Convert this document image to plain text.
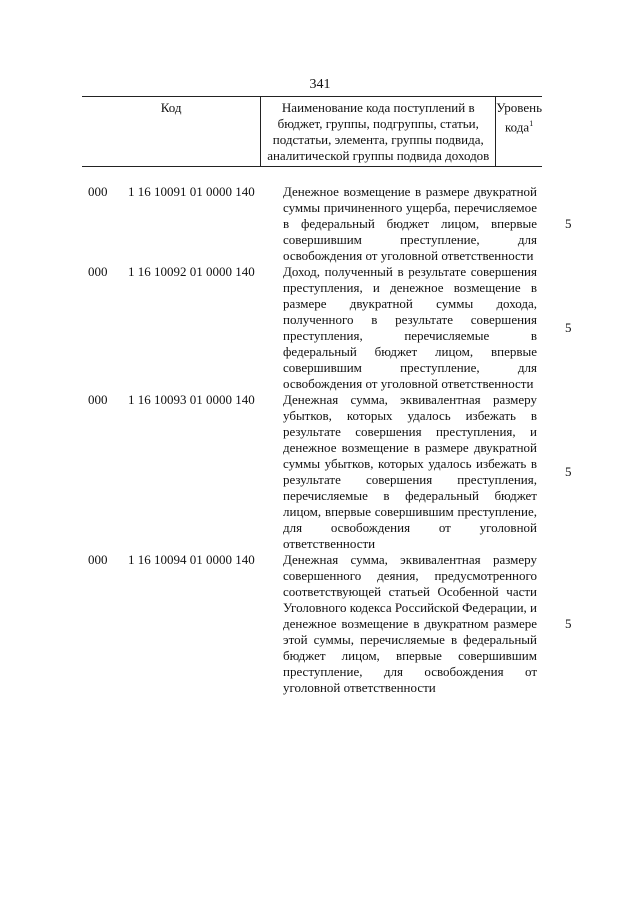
341
Код	Наименование кода поступлений в бюджет, группы, подгруппы, статьи, подстатьи, элемента, группы подвида, аналитической группы подвида доходов
Уровень кода$^1$
000 1 16 10091 01 0000 140 Денежное возмещение в размере двукратной суммы причиненного ущерба, перечисляемое в федеральный бюджет лицом, впервые совершившим преступление, для освобождения от уголовной ответственности
5
000 1 16 10092 01 0000 140 Доход, полученный в результате совершения преступления, и денежное возмещение в размере двукратной суммы дохода, полученного в результате совершения преступления, перечисляемые в федеральный бюджет лицом, впервые совершившим преступление, для освобождения от уголовной ответственности
5
000 1 16 10093 01 0000 140 Денежная сумма, эквивалентная размеру убытков, которых удалось избежать в результате совершения преступления, и денежное возмещение в размере двукратной суммы убытков, которых удалось избежать в результате совершения преступления, перечисляемые в федеральный бюджет лицом, впервые совершившим преступление, для освобождения от уголовной ответственности
5
000 1 16 10094 01 0000 140 Денежная сумма, эквивалентная размеру совершенного деяния, предусмотренного соответствующей статьей Особенной части Уголовного кодекса Российской Федерации, и денежное возмещение в двукратном размере этой суммы, перечисляемые в федеральный бюджет лицом, впервые совершившим преступление, для освобождения от уголовной ответственности
5
